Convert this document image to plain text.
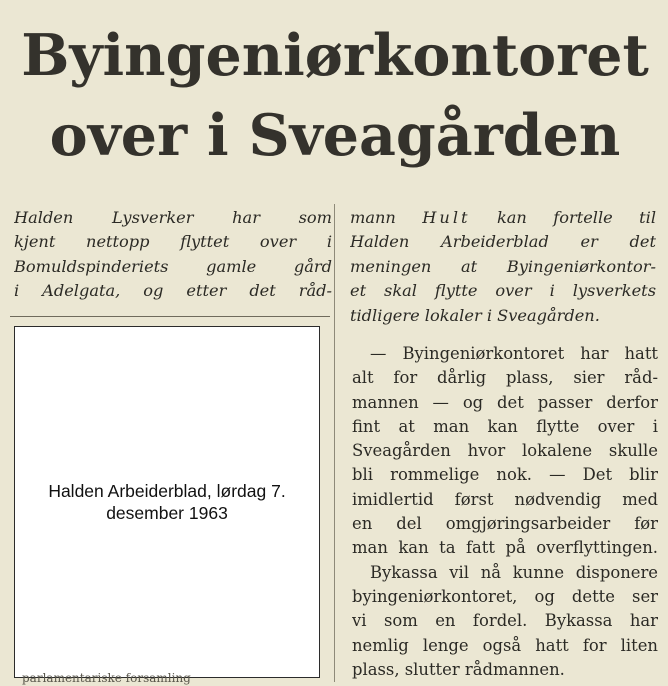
Byingeniørkontoret
over i Sveagården
Halden Lysverker har som
kjent nettopp flyttet over i
Bomuldspinderiets gamle gård
i Adelgata, og etter det råd-
mann Hult kan fortelle til
Halden Arbeiderblad er det
meningen at Byingeniørkontor-
et skal flytte over i lysverkets
tidligere lokaler i Sveagården.
— Byingeniørkontoret har hatt
alt for dårlig plass, sier råd-
mannen — og det passer derfor
fint at man kan flytte over i
Sveagården hvor lokalene skulle
bli rommelige nok. — Det blir
imidlertid først nødvendig med
en del omgjøringsarbeider før
man kan ta fatt på overflyttingen.
Bykassa vil nå kunne disponere
byingeniørkontoret, og dette ser
vi som en fordel. Bykassa har
nemlig lenge også hatt for liten
plass, slutter rådmannen.

Halden Arbeiderblad, lørdag 7. desember 1963

parlamentariske forsamling
